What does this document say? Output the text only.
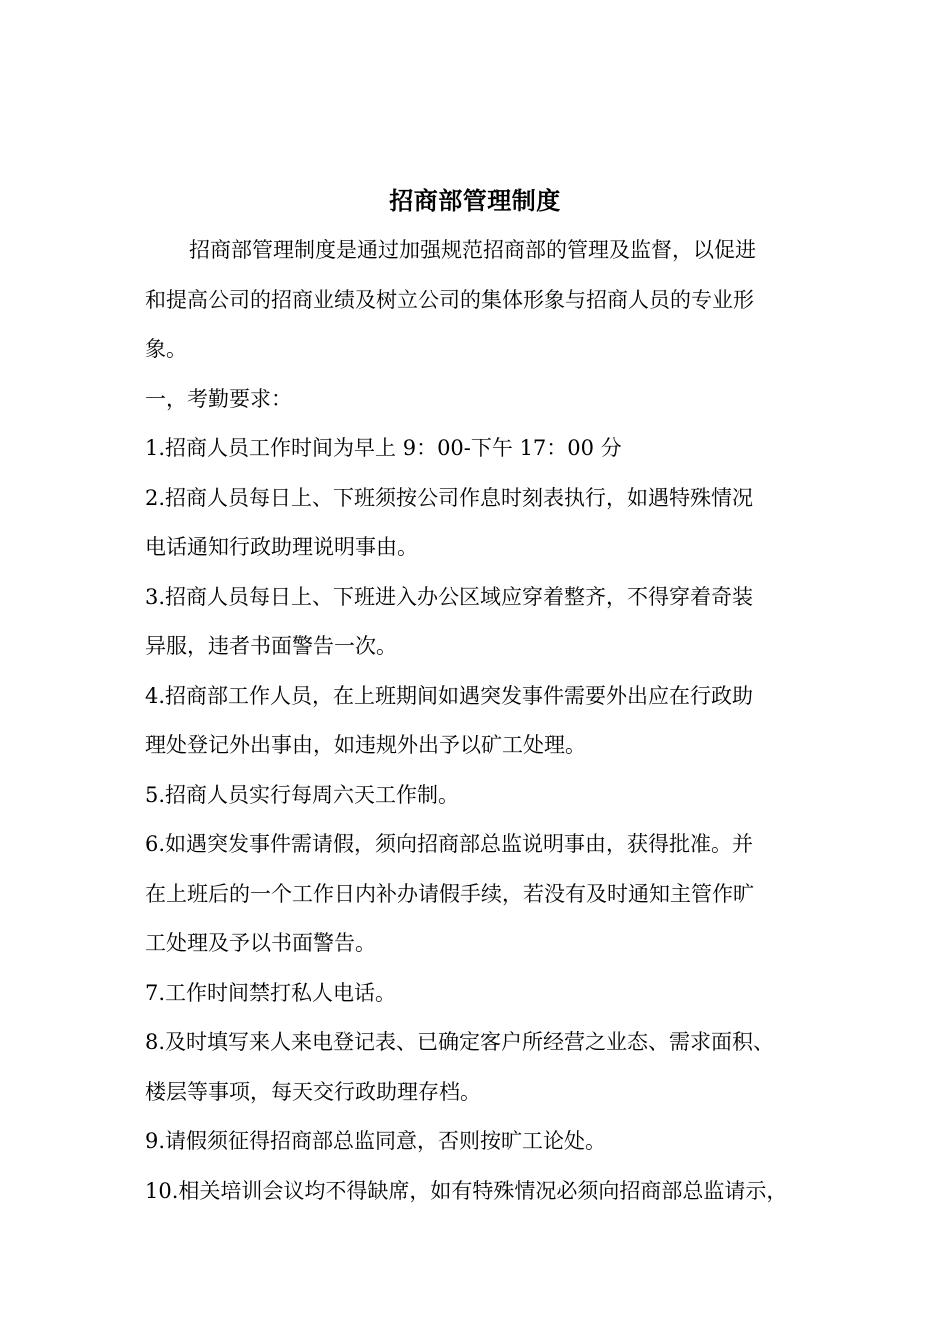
招商部管理制度
招商部管理制度是通过加强规范招商部的管理及监督，以促进
和提高公司的招商业绩及树立公司的集体形象与招商人员的专业形
象。
一，考勤要求：
1.招商人员工作时间为早上 9：00-下午 17：00 分
2.招商人员每日上、下班须按公司作息时刻表执行，如遇特殊情况
电话通知行政助理说明事由。
3.招商人员每日上、下班进入办公区域应穿着整齐，不得穿着奇装
异服，违者书面警告一次。
4.招商部工作人员，在上班期间如遇突发事件需要外出应在行政助
理处登记外出事由，如违规外出予以矿工处理。
5.招商人员实行每周六天工作制。
6.如遇突发事件需请假，须向招商部总监说明事由，获得批准。并
在上班后的一个工作日内补办请假手续，若没有及时通知主管作旷
工处理及予以书面警告。
7.工作时间禁打私人电话。
8.及时填写来人来电登记表、已确定客户所经营之业态、需求面积、
楼层等事项，每天交行政助理存档。
9.请假须征得招商部总监同意，否则按旷工论处。
10.相关培训会议均不得缺席，如有特殊情况必须向招商部总监请示，
